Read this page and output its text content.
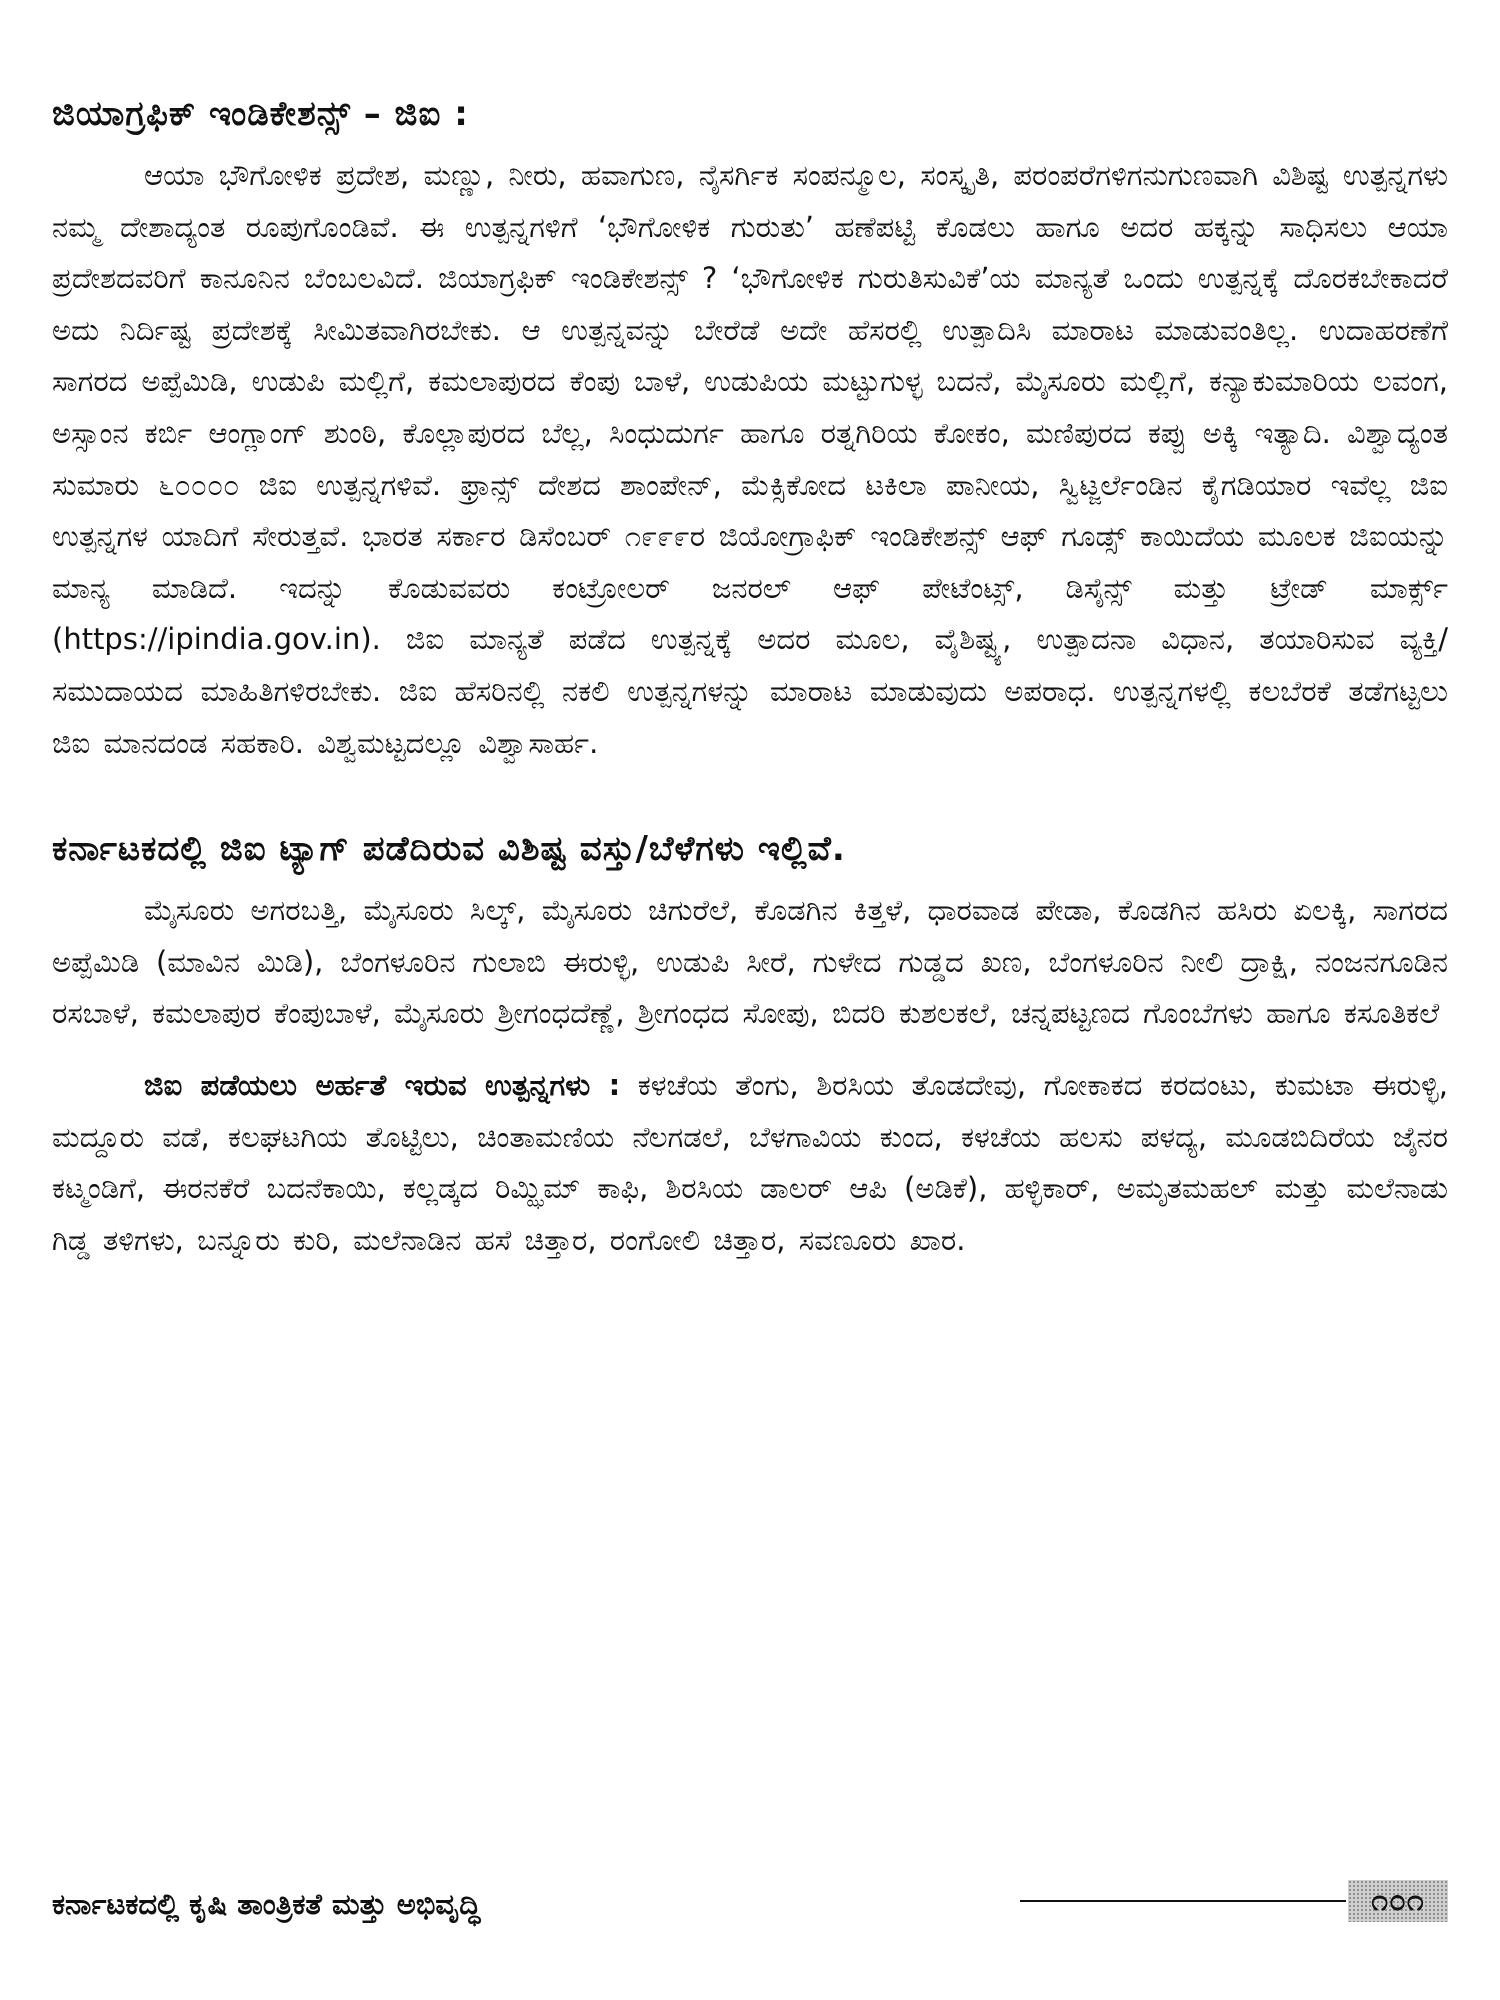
ಜಿಯಾಗ್ರಫಿಕ್ ಇಂಡಿಕೇಶನ್ಸ್ – ಜಿಐ :

ಆಯಾ ಭೌಗೋಳಿಕ ಪ್ರದೇಶ, ಮಣ್ಣು, ನೀರು, ಹವಾಗುಣ, ನೈಸರ್ಗಿಕ ಸಂಪನ್ಮೂಲ, ಸಂಸ್ಕೃತಿ, ಪರಂಪರೆಗಳಿಗನುಗುಣವಾಗಿ ವಿಶಿಷ್ಟ ಉತ್ಪನ್ನಗಳು ನಮ್ಮ ದೇಶಾದ್ಯಂತ ರೂಪುಗೊಂಡಿವೆ. ಈ ಉತ್ಪನ್ನಗಳಿಗೆ ‘ಭೌಗೋಳಿಕ ಗುರುತು’ ಹಣೆಪಟ್ಟಿ ಕೊಡಲು ಹಾಗೂ ಅದರ ಹಕ್ಕನ್ನು ಸಾಧಿಸಲು ಆಯಾ ಪ್ರದೇಶದವರಿಗೆ ಕಾನೂನಿನ ಬೆಂಬಲವಿದೆ. ಜಿಯಾಗ್ರಫಿಕ್ ಇಂಡಿಕೇಶನ್ಸ್ ? ‘ಭೌಗೋಳಿಕ ಗುರುತಿಸುವಿಕೆ’ಯ ಮಾನ್ಯತೆ ಒಂದು ಉತ್ಪನ್ನಕ್ಕೆ ದೊರಕಬೇಕಾದರೆ ಅದು ನಿರ್ದಿಷ್ಟ ಪ್ರದೇಶಕ್ಕೆ ಸೀಮಿತವಾಗಿರಬೇಕು. ಆ ಉತ್ಪನ್ನವನ್ನು ಬೇರೆಡೆ ಅದೇ ಹೆಸರಲ್ಲಿ ಉತ್ಪಾದಿಸಿ ಮಾರಾಟ ಮಾಡುವಂತಿಲ್ಲ. ಉದಾಹರಣೆಗೆ ಸಾಗರದ ಅಪ್ಪೆಮಿಡಿ, ಉಡುಪಿ ಮಲ್ಲಿಗೆ, ಕಮಲಾಪುರದ ಕೆಂಪು ಬಾಳೆ, ಉಡುಪಿಯ ಮಟ್ಟುಗುಳ್ಳ ಬದನೆ, ಮೈಸೂರು ಮಲ್ಲಿಗೆ, ಕನ್ಯಾಕುಮಾರಿಯ ಲವಂಗ, ಅಸ್ಸಾಂನ ಕರ್ಬಿ ಆಂಗ್ಲಾಂಗ್ ಶುಂಠಿ, ಕೊಲ್ಲಾಪುರದ ಬೆಲ್ಲ, ಸಿಂಧುದುರ್ಗ ಹಾಗೂ ರತ್ನಗಿರಿಯ ಕೋಕಂ, ಮಣಿಪುರದ ಕಪ್ಪು ಅಕ್ಕಿ ಇತ್ಯಾದಿ. ವಿಶ್ವಾದ್ಯಂತ ಸುಮಾರು ೬೦೦೦೦ ಜಿಐ ಉತ್ಪನ್ನಗಳಿವೆ. ಫ್ರಾನ್ಸ್ ದೇಶದ ಶಾಂಪೇನ್, ಮೆಕ್ಸಿಕೋದ ಟಕಿಲಾ ಪಾನೀಯ, ಸ್ವಿಟ್ಜರ್ಲೆಂಡಿನ ಕೈಗಡಿಯಾರ ಇವೆಲ್ಲ ಜಿಐ ಉತ್ಪನ್ನಗಳ ಯಾದಿಗೆ ಸೇರುತ್ತವೆ. ಭಾರತ ಸರ್ಕಾರ ಡಿಸೆಂಬರ್ ೧೯೯೯ರ ಜಿಯೋಗ್ರಾಫಿಕ್ ಇಂಡಿಕೇಶನ್ಸ್ ಆಫ್ ಗೂಡ್ಸ್ ಕಾಯಿದೆಯ ಮೂಲಕ ಜಿಐಯನ್ನು ಮಾನ್ಯ ಮಾಡಿದೆ. ಇದನ್ನು ಕೊಡುವವರು ಕಂಟ್ರೋಲರ್ ಜನರಲ್ ಆಫ್ ಪೇಟೆಂಟ್ಸ್, ಡಿಸೈನ್ಸ್ ಮತ್ತು ಟ್ರೇಡ್ ಮಾರ್ಕ್ಸ್ (https://ipindia.gov.in). ಜಿಐ ಮಾನ್ಯತೆ ಪಡೆದ ಉತ್ಪನ್ನಕ್ಕೆ ಅದರ ಮೂಲ, ವೈಶಿಷ್ಟ್ಯ, ಉತ್ಪಾದನಾ ವಿಧಾನ, ತಯಾರಿಸುವ ವ್ಯಕ್ತಿ/ ಸಮುದಾಯದ ಮಾಹಿತಿಗಳಿರಬೇಕು. ಜಿಐ ಹೆಸರಿನಲ್ಲಿ ನಕಲಿ ಉತ್ಪನ್ನಗಳನ್ನು ಮಾರಾಟ ಮಾಡುವುದು ಅಪರಾಧ. ಉತ್ಪನ್ನಗಳಲ್ಲಿ ಕಲಬೆರಕೆ ತಡೆಗಟ್ಟಲು ಜಿಐ ಮಾನದಂಡ ಸಹಕಾರಿ. ವಿಶ್ವಮಟ್ಟದಲ್ಲೂ ವಿಶ್ವಾಸಾರ್ಹ.

ಕರ್ನಾಟಕದಲ್ಲಿ ಜಿಐ ಟ್ಯಾಗ್ ಪಡೆದಿರುವ ವಿಶಿಷ್ಟ ವಸ್ತು/ಬೆಳೆಗಳು ಇಲ್ಲಿವೆ.

ಮೈಸೂರು ಅಗರಬತ್ತಿ, ಮೈಸೂರು ಸಿಲ್ಕ್, ಮೈಸೂರು ಚಿಗುರೆಲೆ, ಕೊಡಗಿನ ಕಿತ್ತಳೆ, ಧಾರವಾಡ ಪೇಡಾ, ಕೊಡಗಿನ ಹಸಿರು ಏಲಕ್ಕಿ, ಸಾಗರದ ಅಪ್ಪೆಮಿಡಿ (ಮಾವಿನ ಮಿಡಿ), ಬೆಂಗಳೂರಿನ ಗುಲಾಬಿ ಈರುಳ್ಳಿ, ಉಡುಪಿ ಸೀರೆ, ಗುಳೇದ ಗುಡ್ಡದ ಖಣ, ಬೆಂಗಳೂರಿನ ನೀಲಿ ದ್ರಾಕ್ಷಿ, ನಂಜನಗೂಡಿನ ರಸಬಾಳೆ, ಕಮಲಾಪುರ ಕೆಂಪುಬಾಳೆ, ಮೈಸೂರು ಶ್ರೀಗಂಧದೆಣ್ಣೆ, ಶ್ರೀಗಂಧದ ಸೋಪು, ಬಿದರಿ ಕುಶಲಕಲೆ, ಚನ್ನಪಟ್ಟಣದ ಗೊಂಬೆಗಳು ಹಾಗೂ ಕಸೂತಿಕಲೆ

ಜಿಐ ಪಡೆಯಲು ಅರ್ಹತೆ ಇರುವ ಉತ್ಪನ್ನಗಳು : ಕಳಚೆಯ ತೆಂಗು, ಶಿರಸಿಯ ತೊಡದೇವು, ಗೋಕಾಕದ ಕರದಂಟು, ಕುಮಟಾ ಈರುಳ್ಳಿ, ಮದ್ದೂರು ವಡೆ, ಕಲಘಟಗಿಯ ತೊಟ್ಟಿಲು, ಚಿಂತಾಮಣಿಯ ನೆಲಗಡಲೆ, ಬೆಳಗಾವಿಯ ಕುಂದ, ಕಳಚೆಯ ಹಲಸು ಪಳದ್ಯ, ಮೂಡಬಿದಿರೆಯ ಜೈನರ ಕಟ್ಮಂಡಿಗೆ, ಈರನಕೆರೆ ಬದನೆಕಾಯಿ, ಕಲ್ಲಡ್ಕದ ರಿಮ್ಝಿಮ್ ಕಾಫಿ, ಶಿರಸಿಯ ಡಾಲರ್ ಆಪಿ (ಅಡಿಕೆ), ಹಳ್ಳಿಕಾರ್, ಅಮೃತಮಹಲ್ ಮತ್ತು ಮಲೆನಾಡು ಗಿಡ್ಡ ತಳಿಗಳು, ಬನ್ನೂರು ಕುರಿ, ಮಲೆನಾಡಿನ ಹಸೆ ಚಿತ್ತಾರ, ರಂಗೋಲಿ ಚಿತ್ತಾರ, ಸವಣೂರು ಖಾರ.

ಕರ್ನಾಟಕದಲ್ಲಿ ಕೃಷಿ ತಾಂತ್ರಿಕತೆ ಮತ್ತು ಅಭಿವೃದ್ಧಿ	೧೦೧
